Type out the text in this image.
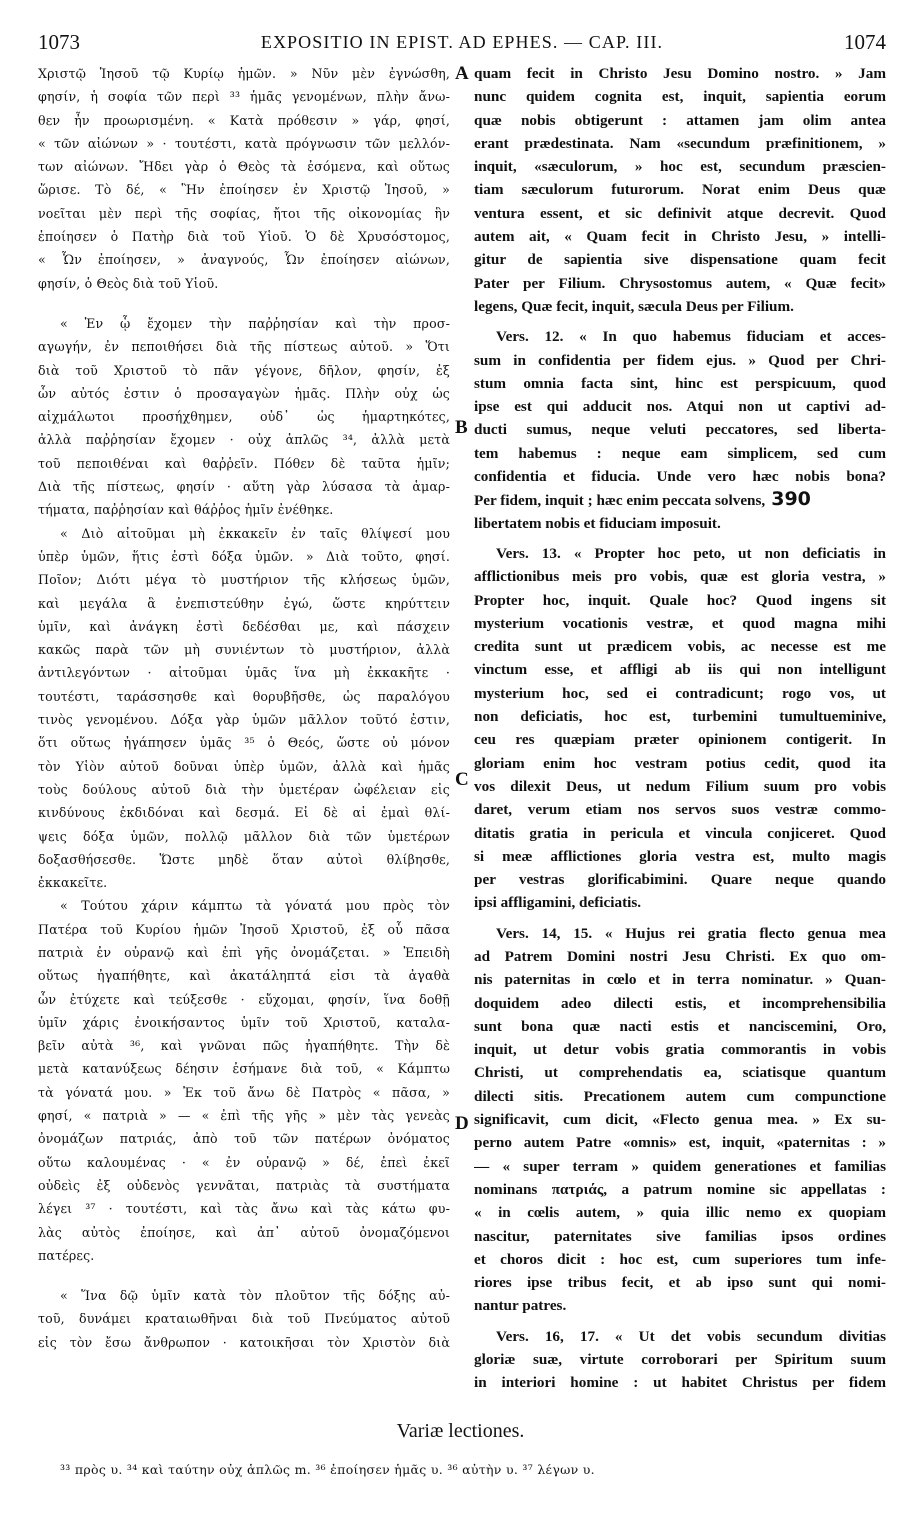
1073	EXPOSITIO IN EPIST. AD EPHES. — CAP. III.	1074
Χριστῷ Ἰησοῦ τῷ Κυρίῳ ἡμῶν. » Νῦν μὲν ἐγνώσθη,
φησίν, ἡ σοφία τῶν περὶ ³³ ἡμᾶς γενομένων, πλὴν ἄνω-
θεν ἦν προωρισμένη. « Κατὰ πρόθεσιν » γάρ, φησί,
« τῶν αἰώνων » · τουτέστι, κατὰ πρόγνωσιν τῶν μελλόν-
των αἰώνων. Ἤδει γὰρ ὁ Θεὸς τὰ ἐσόμενα, καὶ οὕτως
ὥρισε. Τὸ δέ, « Ἣν ἐποίησεν ἐν Χριστῷ Ἰησοῦ, »
νοεῖται μὲν περὶ τῆς σοφίας, ἤτοι τῆς οἰκονομίας ἣν
ἐποίησεν ὁ Πατὴρ διὰ τοῦ Υἱοῦ. Ὁ δὲ Χρυσόστομος,
« Ὧν ἐποίησεν, » ἀναγνούς, Ὧν ἐποίησεν αἰώνων,
φησίν, ὁ Θεὸς διὰ τοῦ Υἱοῦ.
« Ἐν ᾧ ἔχομεν τὴν παῤῥησίαν καὶ τὴν προσ-
αγωγήν, ἐν πεποιθήσει διὰ τῆς πίστεως αὐτοῦ. » Ὅτι
διὰ τοῦ Χριστοῦ τὸ πᾶν γέγονε, δῆλον, φησίν, ἐξ
ὧν αὐτός ἐστιν ὁ προσαγαγὼν ἡμᾶς. Πλὴν οὐχ ὡς
αἰχμάλωτοι προσήχθημεν, οὐδ᾽ ὡς ἡμαρτηκότες,
ἀλλὰ παῤῥησίαν ἔχομεν · οὐχ ἁπλῶς ³⁴, ἀλλὰ μετὰ
τοῦ πεποιθέναι καὶ θαῤῥεῖν. Πόθεν δὲ ταῦτα ἡμῖν;
Διὰ τῆς πίστεως, φησίν · αὕτη γὰρ λύσασα τὰ ἁμαρ-
τήματα, παῤῥησίαν καὶ θάῤῥος ἡμῖν ἐνέθηκε.
« Διὸ αἰτοῦμαι μὴ ἐκκακεῖν ἐν ταῖς θλίψεσί μου
ὑπὲρ ὑμῶν, ἥτις ἐστὶ δόξα ὑμῶν. » Διὰ τοῦτο, φησί.
Ποῖον; Διότι μέγα τὸ μυστήριον τῆς κλήσεως ὑμῶν,
καὶ μεγάλα ἃ ἐνεπιστεύθην ἐγώ, ὥστε κηρύττειν
ὑμῖν, καὶ ἀνάγκη ἐστὶ δεδέσθαι με, καὶ πάσχειν
κακῶς παρὰ τῶν μὴ συνιέντων τὸ μυστήριον, ἀλλὰ
ἀντιλεγόντων · αἰτοῦμαι ὑμᾶς ἵνα μὴ ἐκκακῆτε ·
τουτέστι, ταράσσησθε καὶ θορυβῆσθε, ὡς παραλόγου
τινὸς γενομένου. Δόξα γὰρ ὑμῶν μᾶλλον τοῦτό ἐστιν,
ὅτι οὕτως ἠγάπησεν ὑμᾶς ³⁵ ὁ Θεός, ὥστε οὐ μόνον
τὸν Υἱὸν αὐτοῦ δοῦναι ὑπὲρ ὑμῶν, ἀλλὰ καὶ ἡμᾶς
τοὺς δούλους αὐτοῦ διὰ τὴν ὑμετέραν ὠφέλειαν εἰς
κινδύνους ἐκδιδόναι καὶ δεσμά. Εἰ δὲ αἱ ἐμαὶ θλί-
ψεις δόξα ὑμῶν, πολλῷ μᾶλλον διὰ τῶν ὑμετέρων
δοξασθήσεσθε. Ὥστε μηδὲ ὅταν αὐτοὶ θλίβησθε,
ἐκκακεῖτε.
« Τούτου χάριν κάμπτω τὰ γόνατά μου πρὸς τὸν
Πατέρα τοῦ Κυρίου ἡμῶν Ἰησοῦ Χριστοῦ, ἐξ οὗ πᾶσα
πατριὰ ἐν οὐρανῷ καὶ ἐπὶ γῆς ὀνομάζεται. » Ἐπειδὴ
οὕτως ἠγαπήθητε, καὶ ἀκατάληπτά εἰσι τὰ ἀγαθὰ
ὧν ἐτύχετε καὶ τεύξεσθε · εὔχομαι, φησίν, ἵνα δοθῇ
ὑμῖν χάρις ἐνοικήσαντος ὑμῖν τοῦ Χριστοῦ, καταλα-
βεῖν αὐτὰ ³⁶, καὶ γνῶναι πῶς ἠγαπήθητε. Τὴν δὲ
μετὰ κατανύξεως δέησιν ἐσήμανε διὰ τοῦ, « Κάμπτω
τὰ γόνατά μου. » Ἐκ τοῦ ἄνω δὲ Πατρὸς « πᾶσα, »
φησί, « πατριὰ » — « ἐπὶ τῆς γῆς » μὲν τὰς γενεὰς
ὀνομάζων πατριάς, ἀπὸ τοῦ τῶν πατέρων ὀνόματος
οὕτω καλουμένας · « ἐν οὐρανῷ » δέ, ἐπεὶ ἐκεῖ
οὐδεὶς ἐξ οὐδενὸς γεννᾶται, πατριὰς τὰ συστήματα
λέγει ³⁷ · τουτέστι, καὶ τὰς ἄνω καὶ τὰς κάτω φυ-
λὰς αὐτὸς ἐποίησε, καὶ ἀπ᾽ αὐτοῦ ὀνομαζόμενοι
πατέρες.
« Ἵνα δῷ ὑμῖν κατὰ τὸν πλοῦτον τῆς δόξης αὐ-
τοῦ, δυνάμει κραταιωθῆναι διὰ τοῦ Πνεύματος αὐτοῦ
εἰς τὸν ἔσω ἄνθρωπον · κατοικῆσαι τὸν Χριστὸν διὰ
quam fecit in Christo Jesu Domino nostro. » Jam
nunc quidem cognita est, inquit, sapientia eorum
quæ nobis obtigerunt : attamen jam olim antea
erant prædestinata. Nam «secundum præfinitionem, »
inquit, «sæculorum, » hoc est, secundum præscien-
tiam sæculorum futurorum. Norat enim Deus quæ
ventura essent, et sic definivit atque decrevit. Quod
autem ait, « Quam fecit in Christo Jesu, » intelli-
gitur de sapientia sive dispensatione quam fecit
Pater per Filium. Chrysostomus autem, « Quæ fecit»
legens, Quæ fecit, inquit, sæcula Deus per Filium.
Vers. 12. « In quo habemus fiduciam et acces-
sum in confidentia per fidem ejus. » Quod per Chri-
stum omnia facta sint, hinc est perspicuum, quod
ipse est qui adducit nos. Atqui non ut captivi ad-
ducti sumus, neque veluti peccatores, sed liberta-
tem habemus : neque eam simplicem, sed cum
confidentia et fiducia. Unde vero hæc nobis bona?
Per fidem, inquit ; hæc enim peccata solvens, 390
libertatem nobis et fiduciam imposuit.
Vers. 13. « Propter hoc peto, ut non deficiatis in
afflictionibus meis pro vobis, quæ est gloria vestra, »
Propter hoc, inquit. Quale hoc? Quod ingens sit
mysterium vocationis vestræ, et quod magna mihi
credita sunt ut prædicem vobis, ac necesse est me
vinctum esse, et affligi ab iis qui non intelligunt
mysterium hoc, sed ei contradicunt; rogo vos, ut
non deficiatis, hoc est, turbemini tumultueminive,
ceu res quæpiam præter opinionem contigerit. In
gloriam enim hoc vestram potius cedit, quod ita
vos dilexit Deus, ut nedum Filium suum pro vobis
daret, verum etiam nos servos suos vestræ commo-
ditatis gratia in pericula et vincula conjiceret. Quod
si meæ afflictiones gloria vestra est, multo magis
per vestras glorificabimini. Quare neque quando
ipsi affligamini, deficiatis.
Vers. 14, 15. « Hujus rei gratia flecto genua mea
ad Patrem Domini nostri Jesu Christi. Ex quo om-
nis paternitas in cœlo et in terra nominatur. » Quan-
doquidem adeo dilecti estis, et incomprehensibilia
sunt bona quæ nacti estis et nanciscemini, Oro,
inquit, ut detur vobis gratia commorantis in vobis
Christi, ut comprehendatis ea, sciatisque quantum
dilecti sitis. Precationem autem cum compunctione
significavit, cum dicit, «Flecto genua mea. » Ex su-
perno autem Patre «omnis» est, inquit, «paternitas : »
— « super terram » quidem generationes et familias
nominans πατριάς, a patrum nomine sic appellatas :
« in cœlis autem, » quia illic nemo ex quopiam
nascitur, paternitates sive familias ipsos ordines
et choros dicit : hoc est, cum superiores tum infe-
riores ipse tribus fecit, et ab ipso sunt qui nomi-
nantur patres.
Vers. 16, 17. « Ut det vobis secundum divitias
gloriæ suæ, virtute corroborari per Spiritum suum
in interiori homine : ut habitet Christus per fidem
A
B
C
D
Variæ lectiones.
³³ πρὸς υ. ³⁴ καὶ ταύτην οὐχ ἁπλῶς m. ³⁶ ἐποίησεν ἡμᾶς υ. ³⁶ αὐτὴν υ. ³⁷ λέγων υ.
